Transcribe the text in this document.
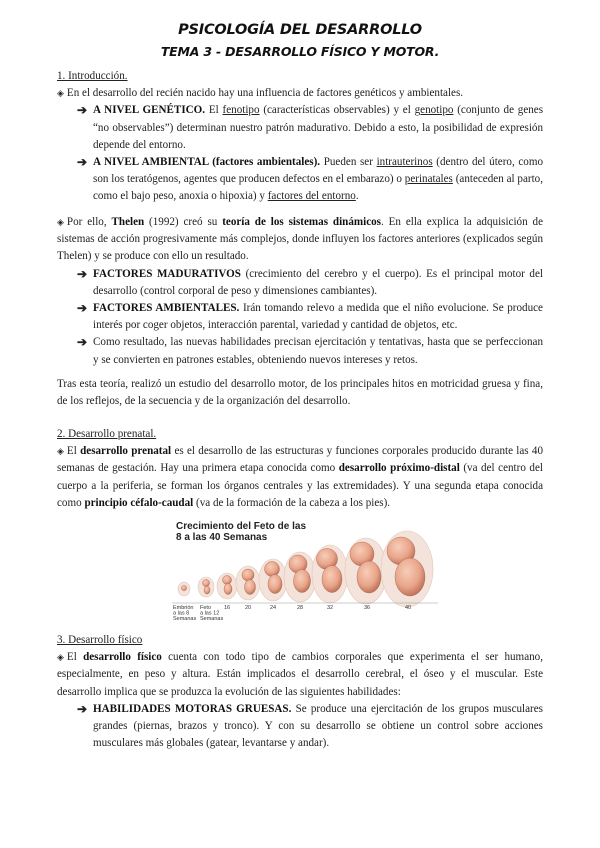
PSICOLOGÍA DEL DESARROLLO
TEMA 3 - DESARROLLO FÍSICO Y MOTOR.
1. Introducción.
◈ En el desarrollo del recién nacido hay una influencia de factores genéticos y ambientales.
➔ A NIVEL GENÉTICO. El fenotipo (características observables) y el genotipo (conjunto de genes “no observables”) determinan nuestro patrón madurativo. Debido a esto, la posibilidad de expresión depende del entorno.
➔ A NIVEL AMBIENTAL (factores ambientales). Pueden ser intrauterinos (dentro del útero, como son los teratógenos, agentes que producen defectos en el embarazo) o perinatales (anteceden al parto, como el bajo peso, anoxia o hipoxia) y factores del entorno.
◈ Por ello, Thelen (1992) creó su teoría de los sistemas dinámicos. En ella explica la adquisición de sistemas de acción progresivamente más complejos, donde influyen los factores anteriores (explicados según Thelen) y se produce con ello un resultado.
➔ FACTORES MADURATIVOS (crecimiento del cerebro y el cuerpo). Es el principal motor del desarrollo (control corporal de peso y dimensiones cambiantes).
➔ FACTORES AMBIENTALES. Irán tomando relevo a medida que el niño evolucione. Se produce interés por coger objetos, interacción parental, variedad y cantidad de objetos, etc.
➔ Como resultado, las nuevas habilidades precisan ejercitación y tentativas, hasta que se perfeccionan y se convierten en patrones estables, obteniendo nuevos intereses y retos.
Tras esta teoría, realizó un estudio del desarrollo motor, de los principales hitos en motricidad gruesa y fina, de los reflejos, de la secuencia y de la organización del desarrollo.
2. Desarrollo prenatal.
◈ El desarrollo prenatal es el desarrollo de las estructuras y funciones corporales producido durante las 40 semanas de gestación. Hay una primera etapa conocida como desarrollo próximo-distal (va del centro del cuerpo a la periferia, se forman los órganos centrales y las extremidades). Y una segunda etapa conocida como principio céfalo-caudal (va de la formación de la cabeza a los pies).
Crecimiento del Feto de las
8 a las 40 Semanas
Embrión
a las 8
Semanas
Feto
a las 12
Semanas
16	20	24	28	32	36	40
3. Desarrollo físico
◈ El desarrollo físico cuenta con todo tipo de cambios corporales que experimenta el ser humano, especialmente, en peso y altura. Están implicados el desarrollo cerebral, el óseo y el muscular. Este desarrollo implica que se produzca la evolución de las siguientes habilidades:
➔ HABILIDADES MOTORAS GRUESAS. Se produce una ejercitación de los grupos musculares grandes (piernas, brazos y tronco). Y con su desarrollo se obtiene un control sobre acciones musculares más globales (gatear, levantarse y andar).
